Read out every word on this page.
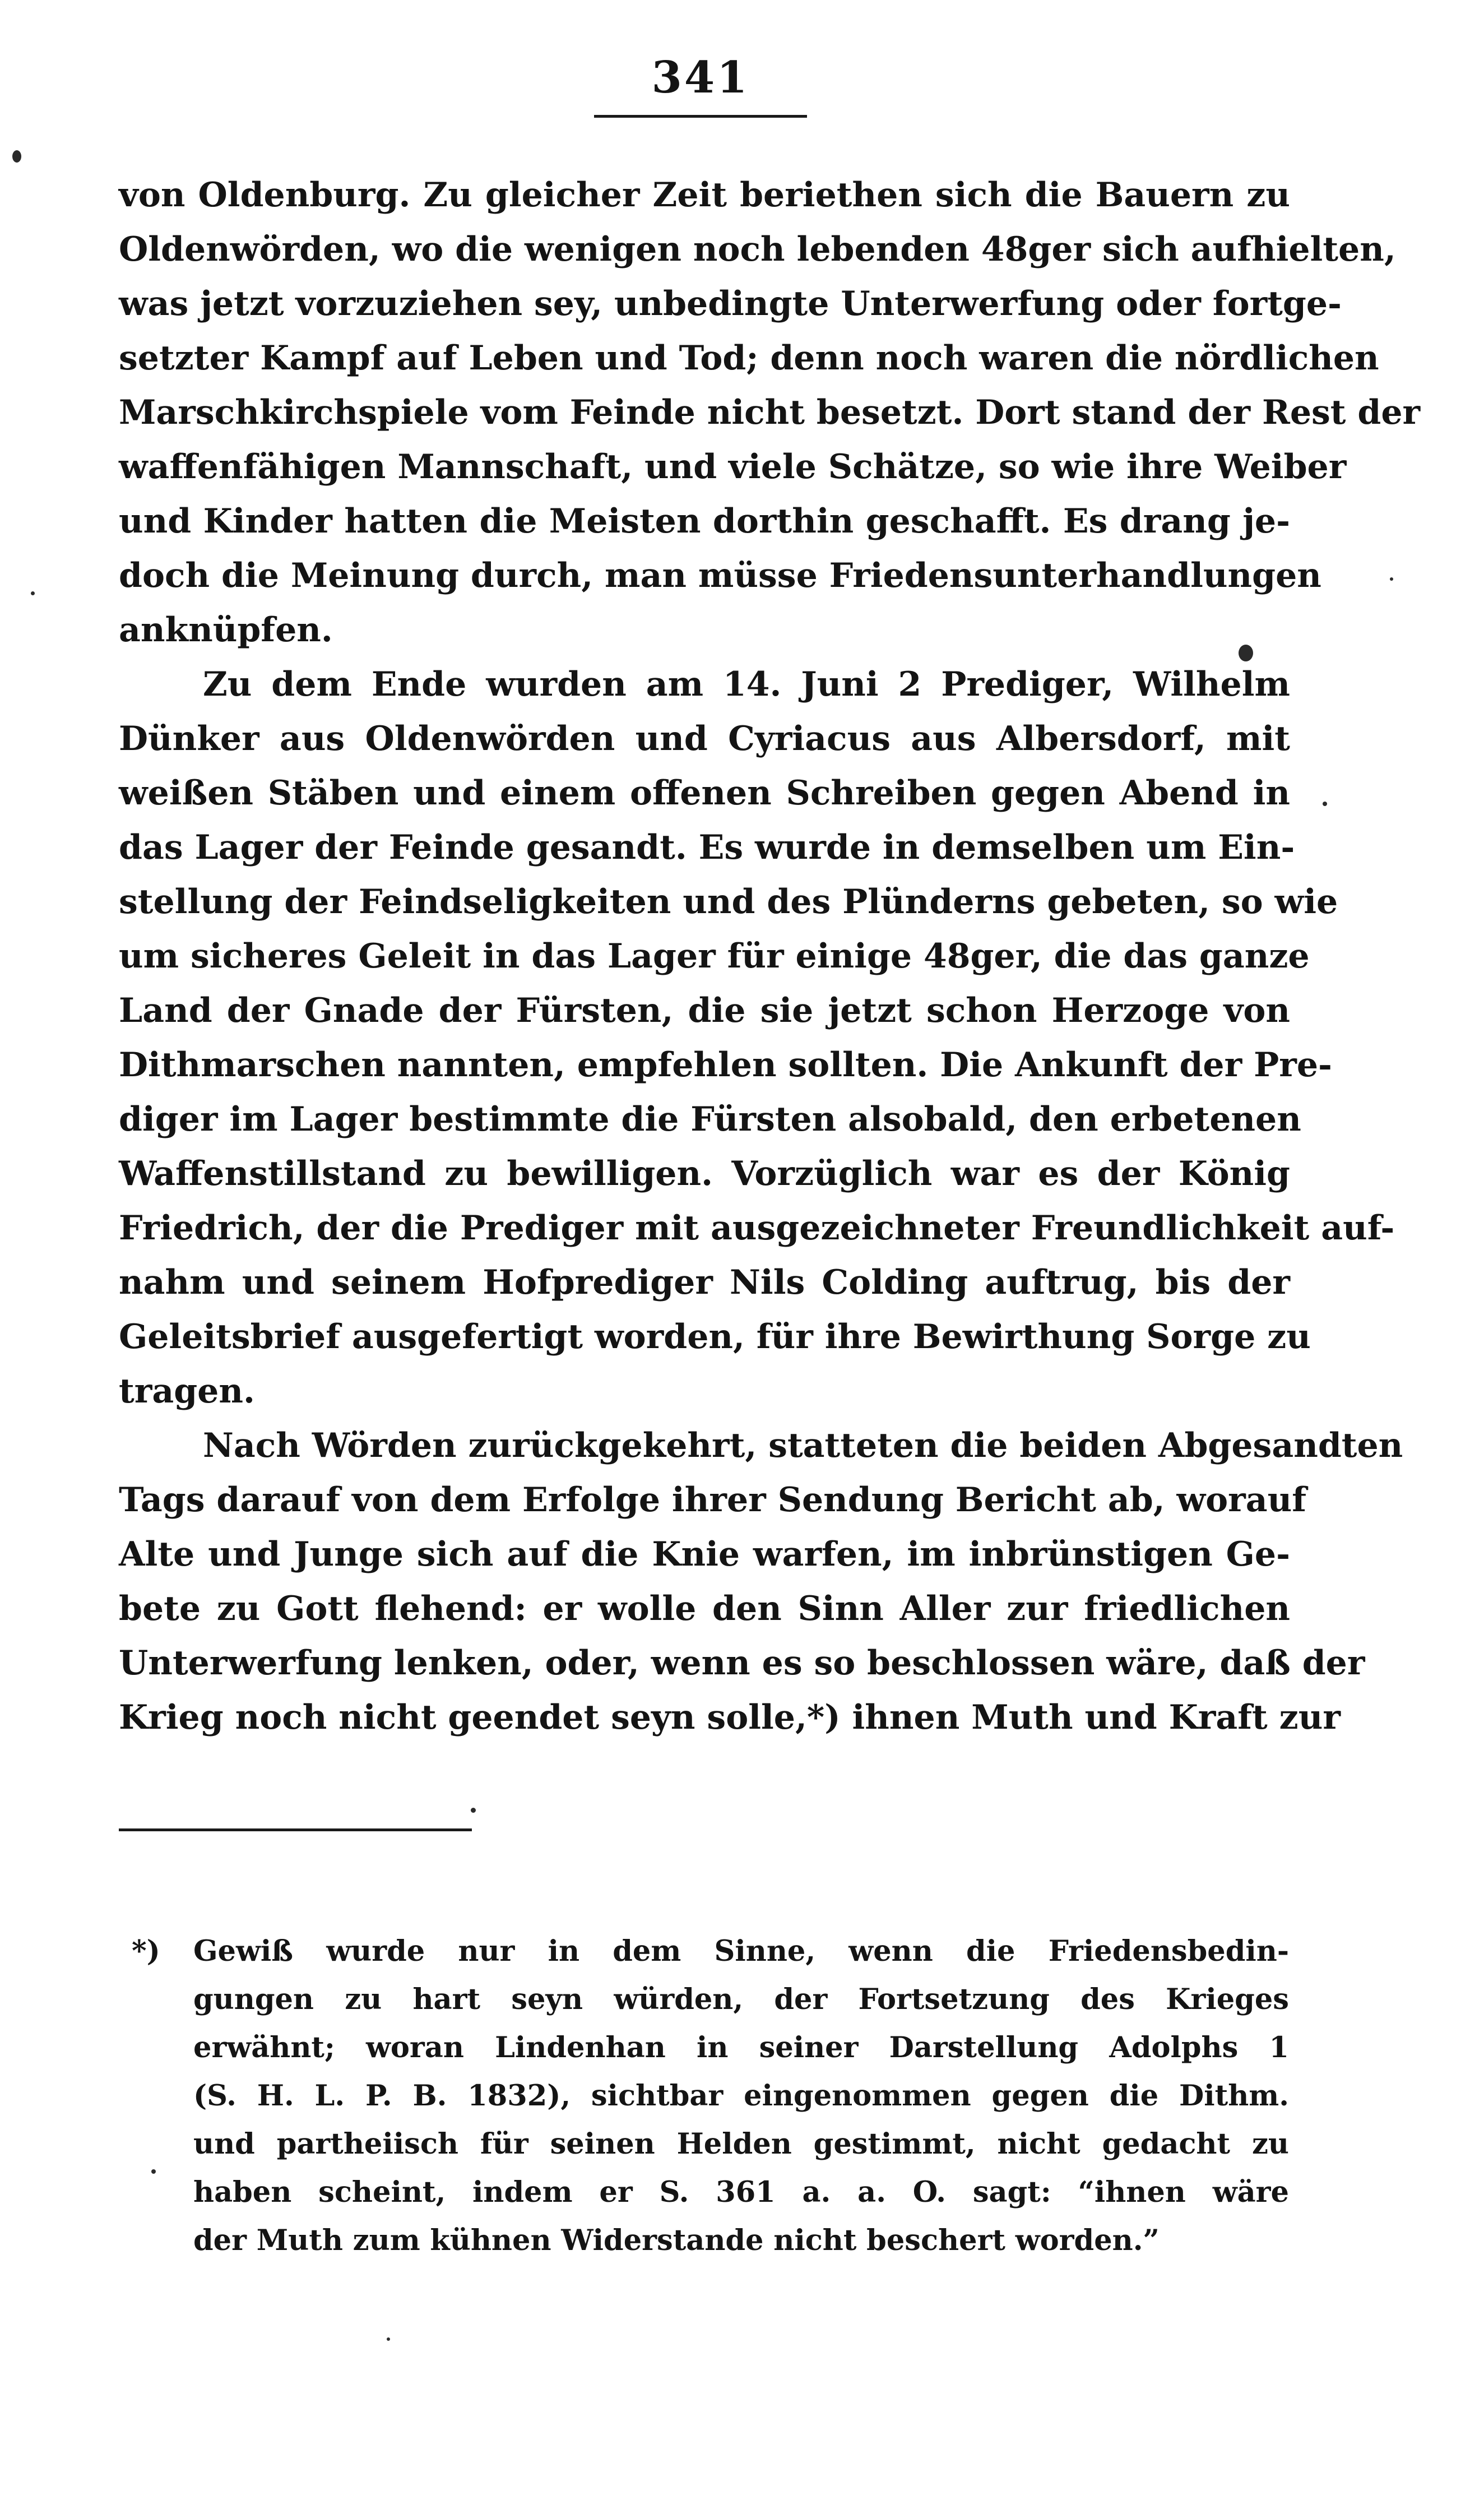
341
von Oldenburg. Zu gleicher Zeit beriethen sich die Bauern zu
Oldenwörden, wo die wenigen noch lebenden 48ger sich aufhielten,
was jetzt vorzuziehen sey, unbedingte Unterwerfung oder fortge-
setzter Kampf auf Leben und Tod; denn noch waren die nördlichen
Marschkirchspiele vom Feinde nicht besetzt. Dort stand der Rest der
waffenfähigen Mannschaft, und viele Schätze, so wie ihre Weiber
und Kinder hatten die Meisten dorthin geschafft. Es drang je-
doch die Meinung durch, man müsse Friedensunterhandlungen
anknüpfen.
Zu dem Ende wurden am 14. Juni 2 Prediger, Wilhelm
Dünker aus Oldenwörden und Cyriacus aus Albersdorf, mit
weißen Stäben und einem offenen Schreiben gegen Abend in
das Lager der Feinde gesandt. Es wurde in demselben um Ein-
stellung der Feindseligkeiten und des Plünderns gebeten, so wie
um sicheres Geleit in das Lager für einige 48ger, die das ganze
Land der Gnade der Fürsten, die sie jetzt schon Herzoge von
Dithmarschen nannten, empfehlen sollten. Die Ankunft der Pre-
diger im Lager bestimmte die Fürsten alsobald, den erbetenen
Waffenstillstand zu bewilligen. Vorzüglich war es der König
Friedrich, der die Prediger mit ausgezeichneter Freundlichkeit auf-
nahm und seinem Hofprediger Nils Colding auftrug, bis der
Geleitsbrief ausgefertigt worden, für ihre Bewirthung Sorge zu
tragen.
Nach Wörden zurückgekehrt, statteten die beiden Abgesandten
Tags darauf von dem Erfolge ihrer Sendung Bericht ab, worauf
Alte und Junge sich auf die Knie warfen, im inbrünstigen Ge-
bete zu Gott flehend: er wolle den Sinn Aller zur friedlichen
Unterwerfung lenken, oder, wenn es so beschlossen wäre, daß der
Krieg noch nicht geendet seyn solle,*) ihnen Muth und Kraft zur
*)	Gewiß wurde nur in dem Sinne, wenn die Friedensbedin-
gungen zu hart seyn würden, der Fortsetzung des Krieges
erwähnt; woran Lindenhan in seiner Darstellung Adolphs 1
(S. H. L. P. B. 1832), sichtbar eingenommen gegen die Dithm.
und partheiisch für seinen Helden gestimmt, nicht gedacht zu
haben scheint, indem er S. 361 a. a. O. sagt: “ihnen wäre
der Muth zum kühnen Widerstande nicht beschert worden.”
